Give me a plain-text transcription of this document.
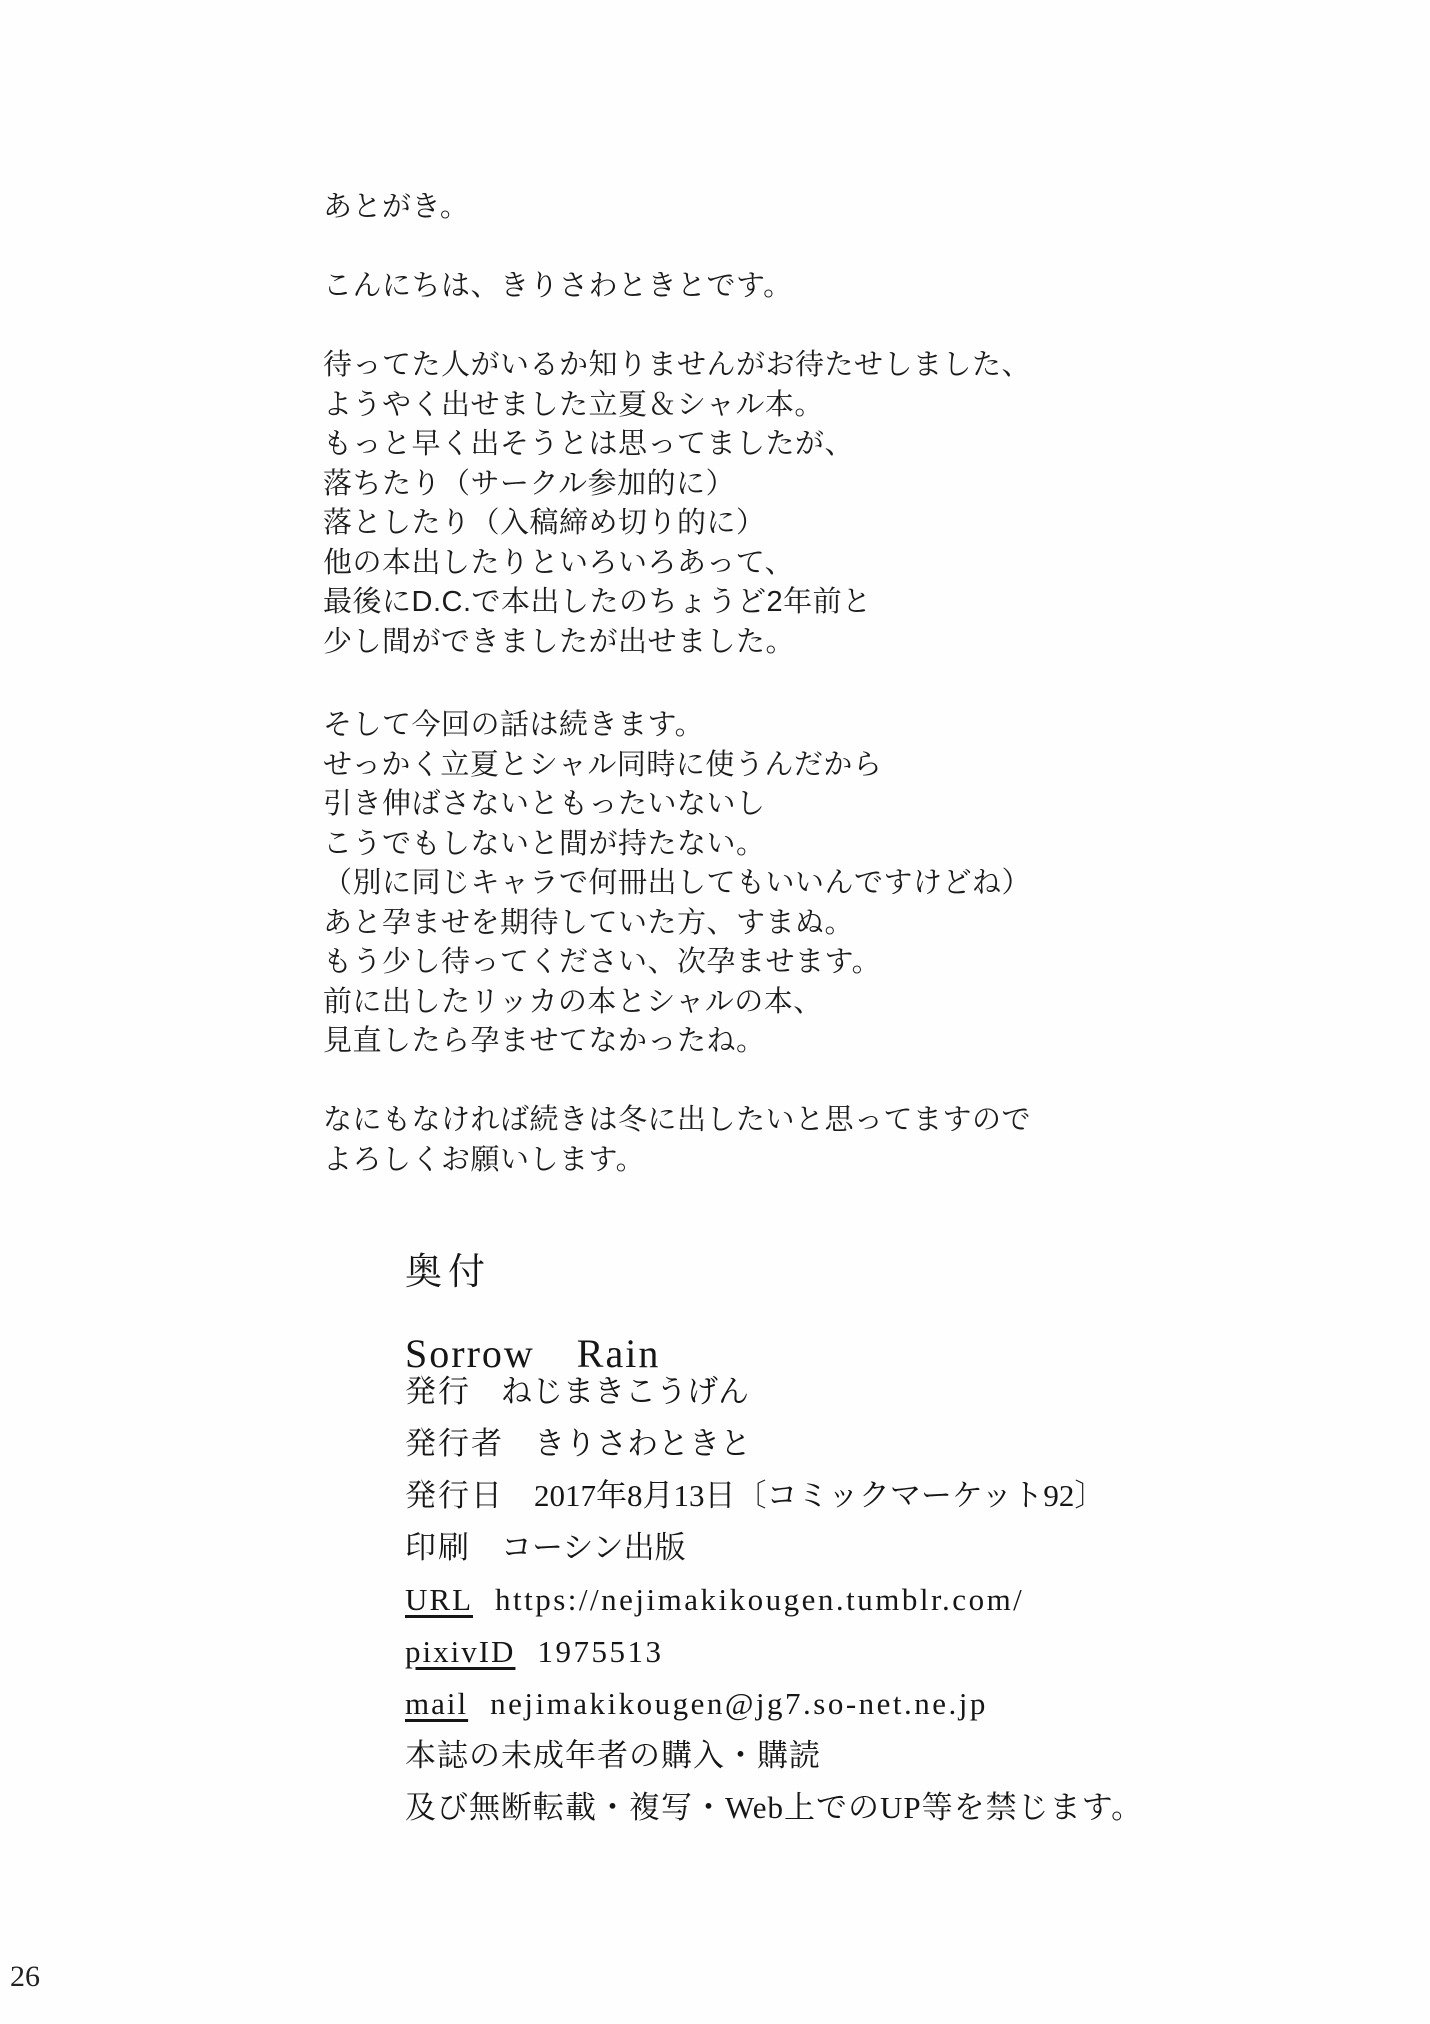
あとがき。
こんにちは、きりさわときとです。
待ってた人がいるか知りませんがお待たせしました、
ようやく出せました立夏＆シャル本。
もっと早く出そうとは思ってましたが、
落ちたり（サークル参加的に）
落としたり（入稿締め切り的に）
他の本出したりといろいろあって、
最後にD.C.で本出したのちょうど2年前と
少し間ができましたが出せました。
そして今回の話は続きます。
せっかく立夏とシャル同時に使うんだから
引き伸ばさないともったいないし
こうでもしないと間が持たない。
（別に同じキャラで何冊出してもいいんですけどね）
あと孕ませを期待していた方、すまぬ。
もう少し待ってください、次孕ませます。
前に出したリッカの本とシャルの本、
見直したら孕ませてなかったね。
なにもなければ続きは冬に出したいと思ってますので
よろしくお願いします。
奥付
Sorrow　Rain
発行 ねじまきこうげん
発行者 きりさわときと
発行日 2017年8月13日〔コミックマーケット92〕
印刷 コーシン出版
URL https://nejimakikougen.tumblr.com/
pixivID 1975513
mail nejimakikougen@jg7.so-net.ne.jp
本誌の未成年者の購入・購読
及び無断転載・複写・Web上でのUP等を禁じます。
26
